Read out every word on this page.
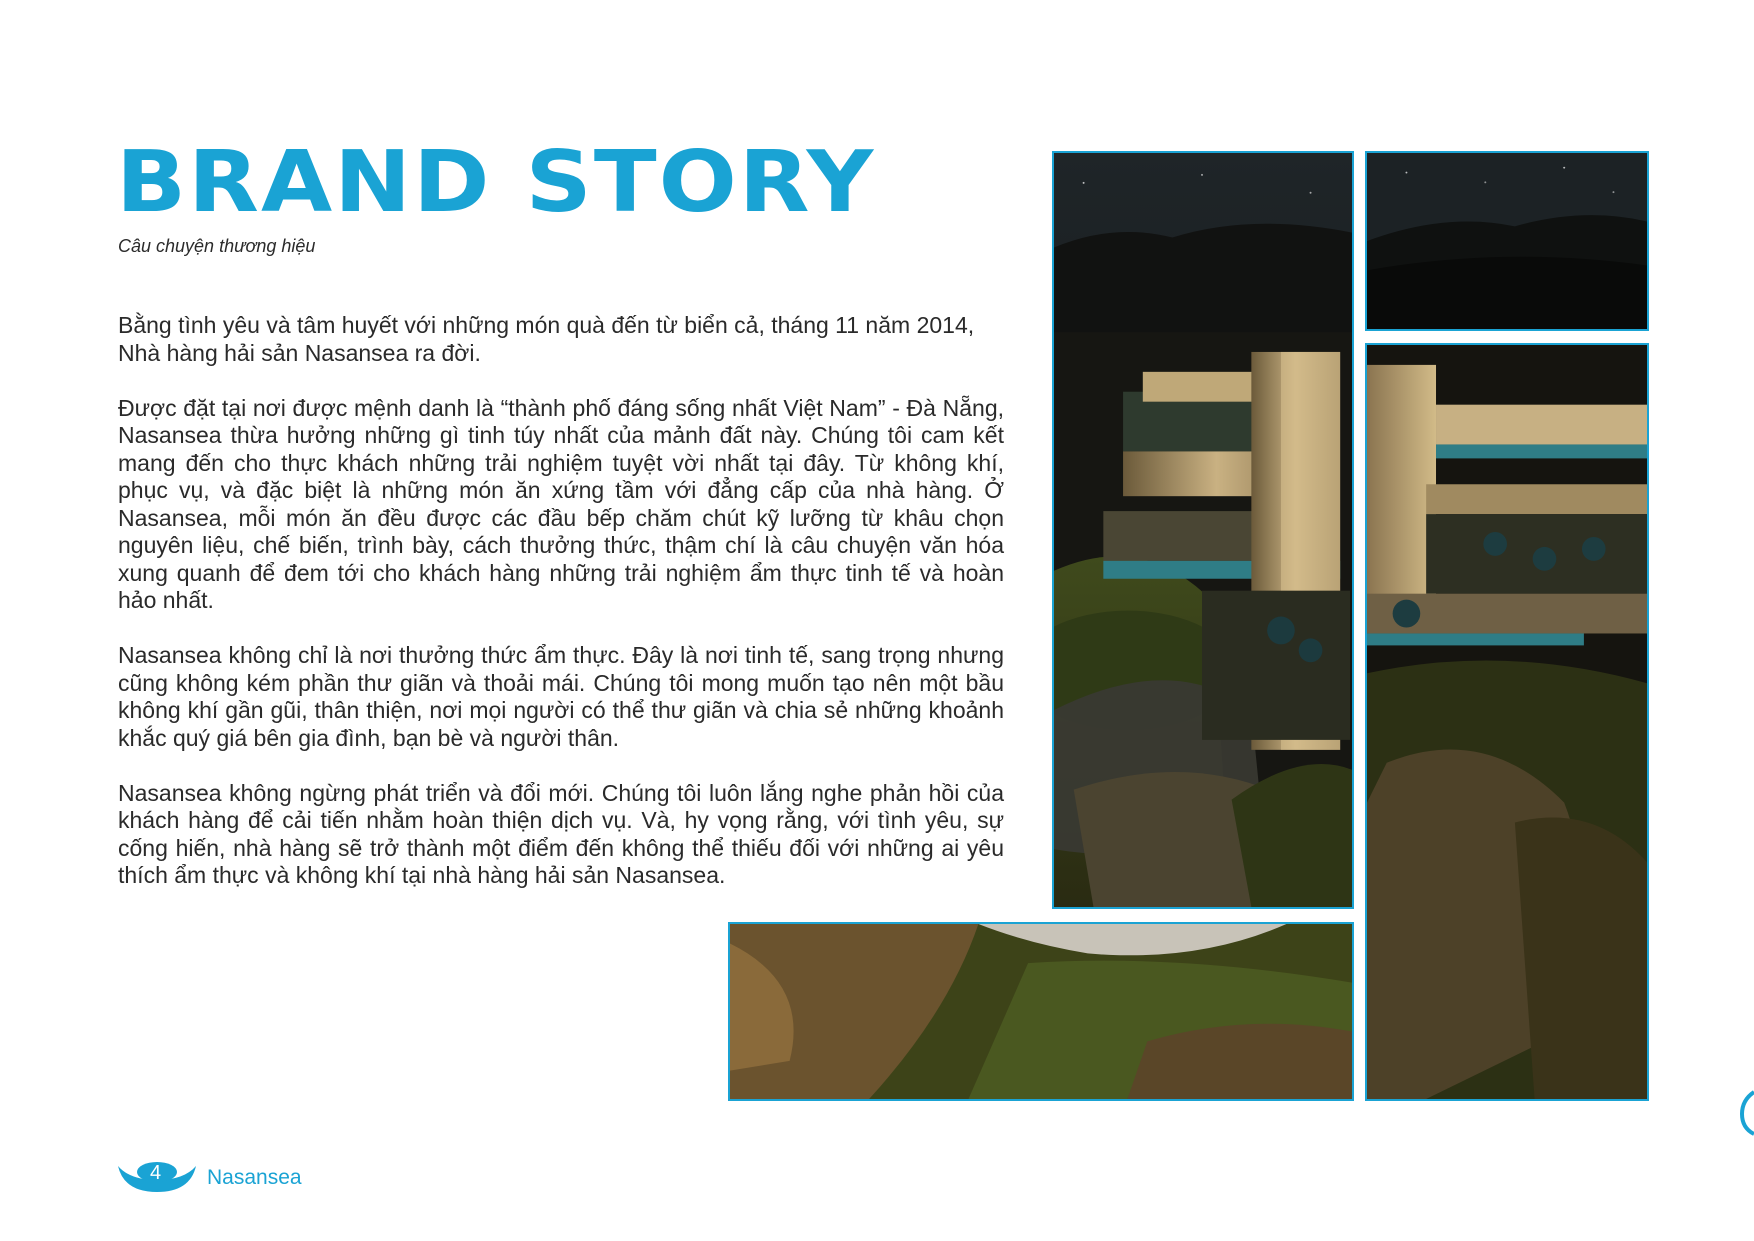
BRAND STORY

Câu chuyện thương hiệu

Bằng tình yêu và tâm huyết với những món quà đến từ biển cả, tháng 11 năm 2014, Nhà hàng hải sản Nasansea ra đời.

Được đặt tại nơi được mệnh danh là “thành phố đáng sống nhất Việt Nam” - Đà Nẵng, Nasansea thừa hưởng những gì tinh túy nhất của mảnh đất này. Chúng tôi cam kết mang đến cho thực khách những trải nghiệm tuyệt vời nhất tại đây. Từ không khí, phục vụ, và đặc biệt là những món ăn xứng tầm với đẳng cấp của nhà hàng. Ở Nasansea, mỗi món ăn đều được các đầu bếp chăm chút kỹ lưỡng từ khâu chọn nguyên liệu, chế biến, trình bày, cách thưởng thức, thậm chí là câu chuyện văn hóa xung quanh để đem tới cho khách hàng những trải nghiệm ẩm thực tinh tế và hoàn hảo nhất.

Nasansea không chỉ là nơi thưởng thức ẩm thực. Đây là nơi tinh tế, sang trọng nhưng cũng không kém phần thư giãn và thoải mái. Chúng tôi mong muốn tạo nên một bầu không khí gần gũi, thân thiện, nơi mọi người có thể thư giãn và chia sẻ những khoảnh khắc quý giá bên gia đình, bạn bè và người thân.

Nasansea không ngừng phát triển và đổi mới. Chúng tôi luôn lắng nghe phản hồi của khách hàng để cải tiến nhằm hoàn thiện dịch vụ. Và, hy vọng rằng, với tình yêu, sự cống hiến, nhà hàng sẽ trở thành một điểm đến không thể thiếu đối với những ai yêu thích ẩm thực và không khí tại nhà hàng hải sản Nasansea.

4 Nasansea
